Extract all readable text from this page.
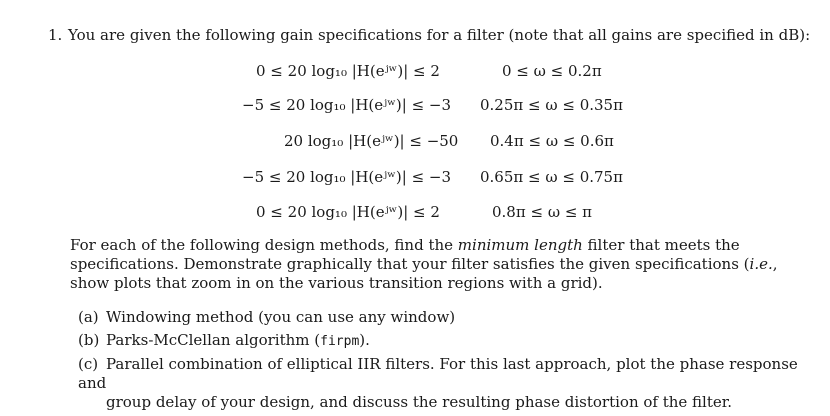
1. You are given the following gain specifications for a filter (note that all gains are specified in dB):
0 ≤ 20 log₁₀ |H(eʲʷ)| ≤ 2	0 ≤ ω ≤ 0.2π
−5 ≤ 20 log₁₀ |H(eʲʷ)| ≤ −3 0.25π ≤ ω ≤ 0.35π
20 log₁₀ |H(eʲʷ)| ≤ −50 0.4π ≤ ω ≤ 0.6π
−5 ≤ 20 log₁₀ |H(eʲʷ)| ≤ −3 0.65π ≤ ω ≤ 0.75π
0 ≤ 20 log₁₀ |H(eʲʷ)| ≤ 2	0.8π ≤ ω ≤ π
For each of the following design methods, find the minimum length filter that meets the specifications. Demonstrate graphically that your filter satisfies the given specifications (i.e., show plots that zoom in on the various transition regions with a grid).
(a) Windowing method (you can use any window)
(b) Parks-McClellan algorithm (firpm).
(c) Parallel combination of elliptical IIR filters. For this last approach, plot the phase response and
group delay of your design, and discuss the resulting phase distortion of the filter.
